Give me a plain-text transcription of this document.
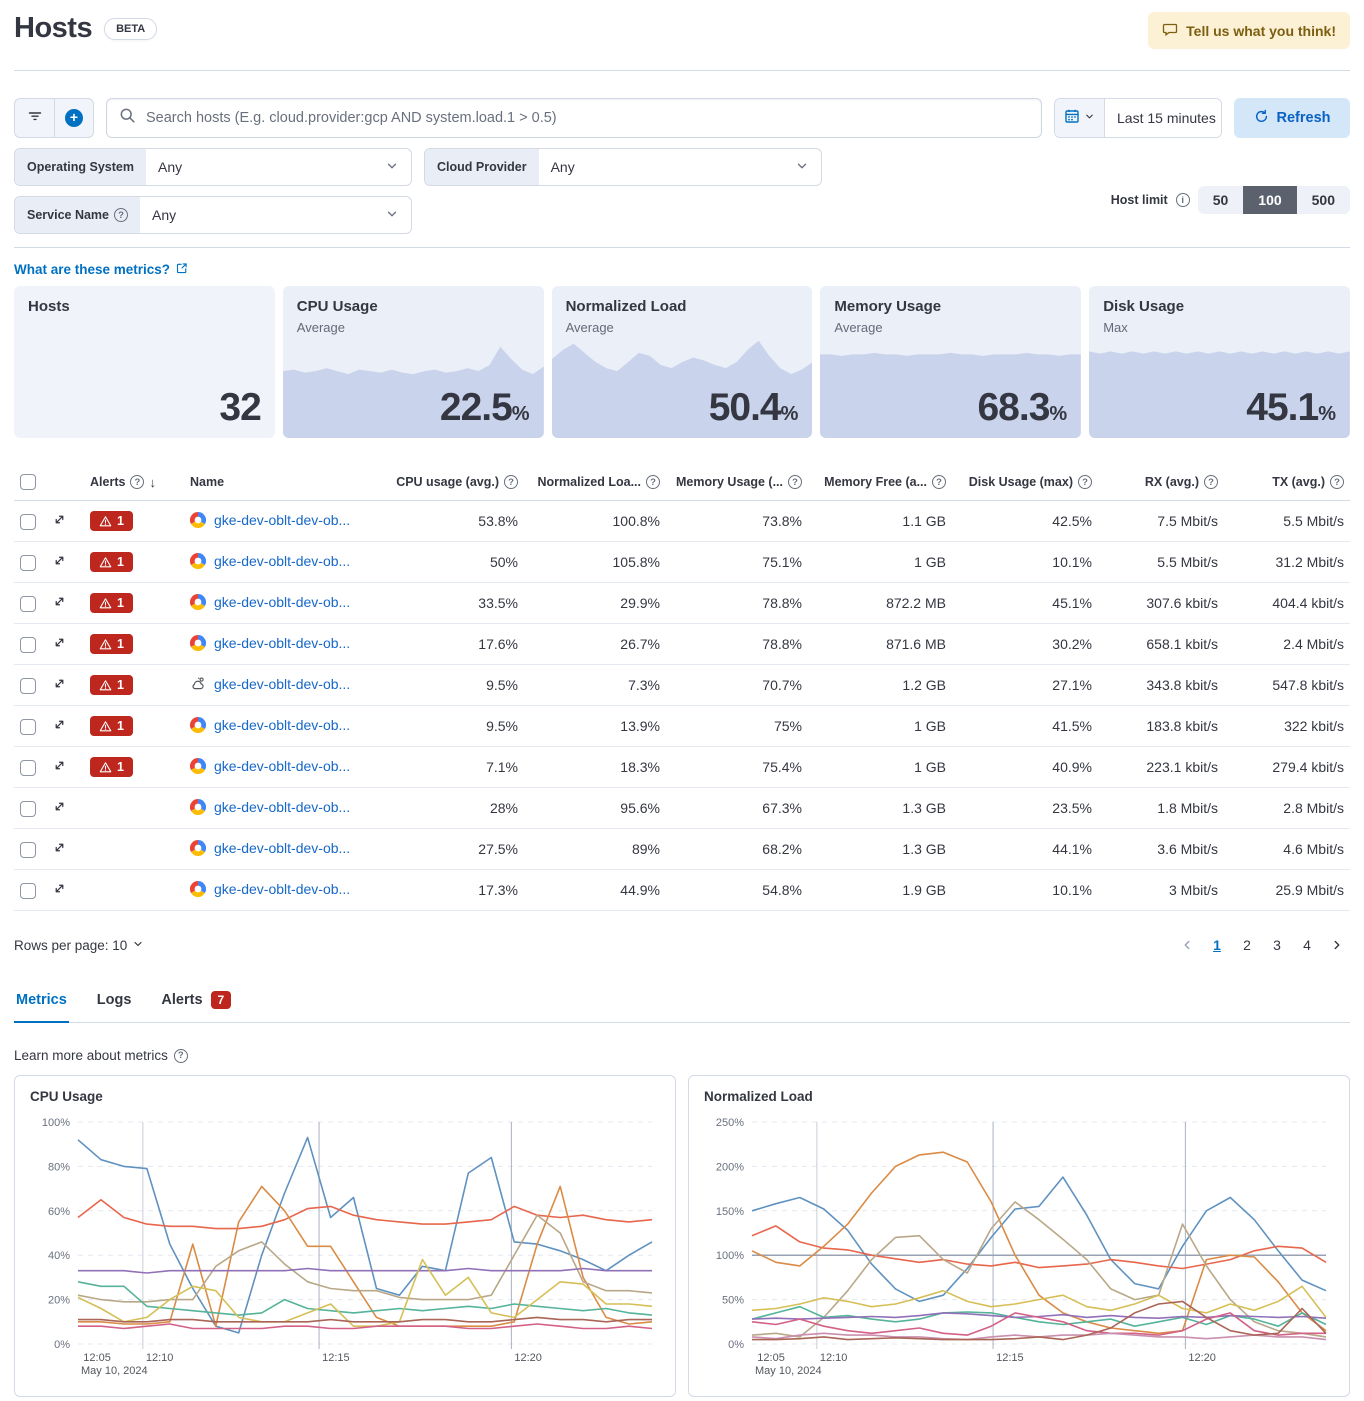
Hosts	BETA	Tell us what you think!
+
Search hosts (E.g. cloud.provider:gcp AND system.load.1 > 0.5)	Last 15 minutes	Refresh
Operating System	Any	Cloud Provider	Any
Service Name ? Any
Host limit	i	50	100	500
What are these metrics?
Hosts
32
CPU Usage
Average
22.5%
Normalized Load
Average
50.4%
Memory Usage
Average
68.3%
Disk Usage
Max
45.1%

		Alerts ? ↓	Name	CPU usage (avg.) ?	Normalized Loa... ?	Memory Usage (... ?	Memory Free (a... ?	Disk Usage (max) ?	RX (avg.) ?	TX (avg.) ?

1	gke-dev-oblt-dev-ob...	53.8%	100.8%	73.8%	1.1 GB	42.5%	7.5 Mbit/s	5.5 Mbit/s

1	gke-dev-oblt-dev-ob...	50%	105.8%	75.1%	1 GB	10.1%	5.5 Mbit/s	31.2 Mbit/s

1	gke-dev-oblt-dev-ob...	33.5%	29.9%	78.8%	872.2 MB	45.1%	307.6 kbit/s	404.4 kbit/s

1	gke-dev-oblt-dev-ob...	17.6%	26.7%	78.8%	871.6 MB	30.2%	658.1 kbit/s	2.4 Mbit/s

1	gke-dev-oblt-dev-ob...	9.5%	7.3%	70.7%	1.2 GB	27.1%	343.8 kbit/s	547.8 kbit/s

1	gke-dev-oblt-dev-ob...	9.5%	13.9%	75%	1 GB	41.5%	183.8 kbit/s	322 kbit/s

1	gke-dev-oblt-dev-ob...	7.1%	18.3%	75.4%	1 GB	40.9%	223.1 kbit/s	279.4 kbit/s

gke-dev-oblt-dev-ob...	28%	95.6%	67.3%	1.3 GB	23.5%	1.8 Mbit/s	2.8 Mbit/s

gke-dev-oblt-dev-ob...	27.5%	89%	68.2%	1.3 GB	44.1%	3.6 Mbit/s	4.6 Mbit/s

gke-dev-oblt-dev-ob...	17.3%	44.9%	54.8%	1.9 GB	10.1%	3 Mbit/s	25.9 Mbit/s
Rows per page: 10	1	2	3	4
Metrics Logs Alerts	7
Learn more about metrics	?
CPU Usage
0%
20%
40%
60%
80%
100%
12:05	12:10	12:15	12:20
May 10, 2024
Normalized Load
0%
50%
100%
150%
200%
250%
12:05	12:10	12:15	12:20
May 10, 2024
